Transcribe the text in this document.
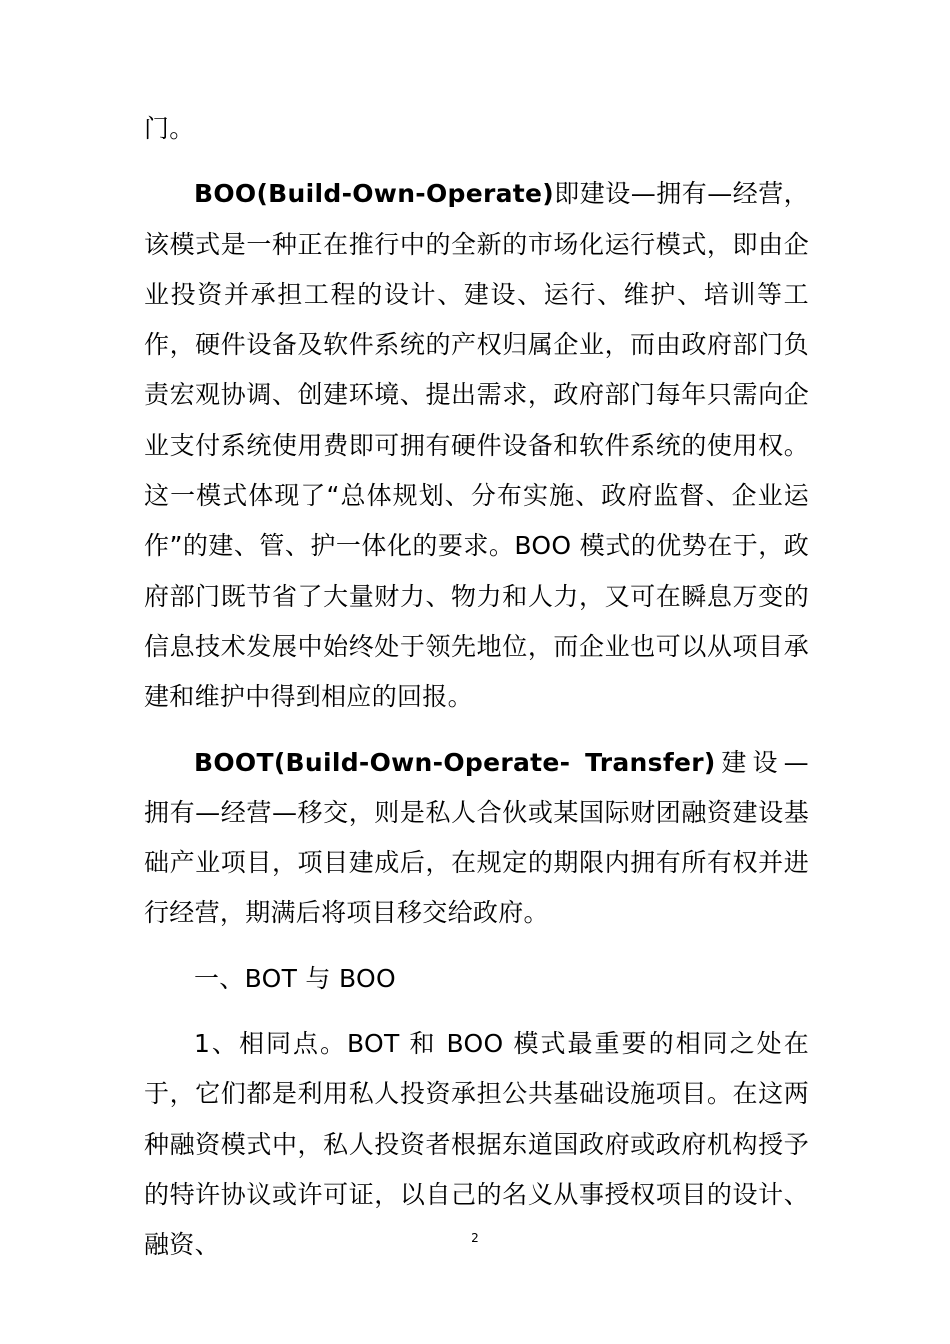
门。

BOO(Build-Own-Operate)即建设—拥有—经营，该模式是一种正在推行中的全新的市场化运行模式，即由企业投资并承担工程的设计、建设、运行、维护、培训等工作，硬件设备及软件系统的产权归属企业，而由政府部门负责宏观协调、创建环境、提出需求，政府部门每年只需向企业支付系统使用费即可拥有硬件设备和软件系统的使用权。这一模式体现了“总体规划、分布实施、政府监督、企业运作”的建、管、护一体化的要求。BOO 模式的优势在于，政府部门既节省了大量财力、物力和人力，又可在瞬息万变的信息技术发展中始终处于领先地位，而企业也可以从项目承建和维护中得到相应的回报。

BOOT(Build-Own-Operate- Transfer)建设—拥有—经营—移交，则是私人合伙或某国际财团融资建设基础产业项目，项目建成后，在规定的期限内拥有所有权并进行经营，期满后将项目移交给政府。

一、BOT 与 BOO

1、相同点。BOT 和 BOO 模式最重要的相同之处在于，它们都是利用私人投资承担公共基础设施项目。在这两种融资模式中，私人投资者根据东道国政府或政府机构授予的特许协议或许可证，以自己的名义从事授权项目的设计、融资、	2
